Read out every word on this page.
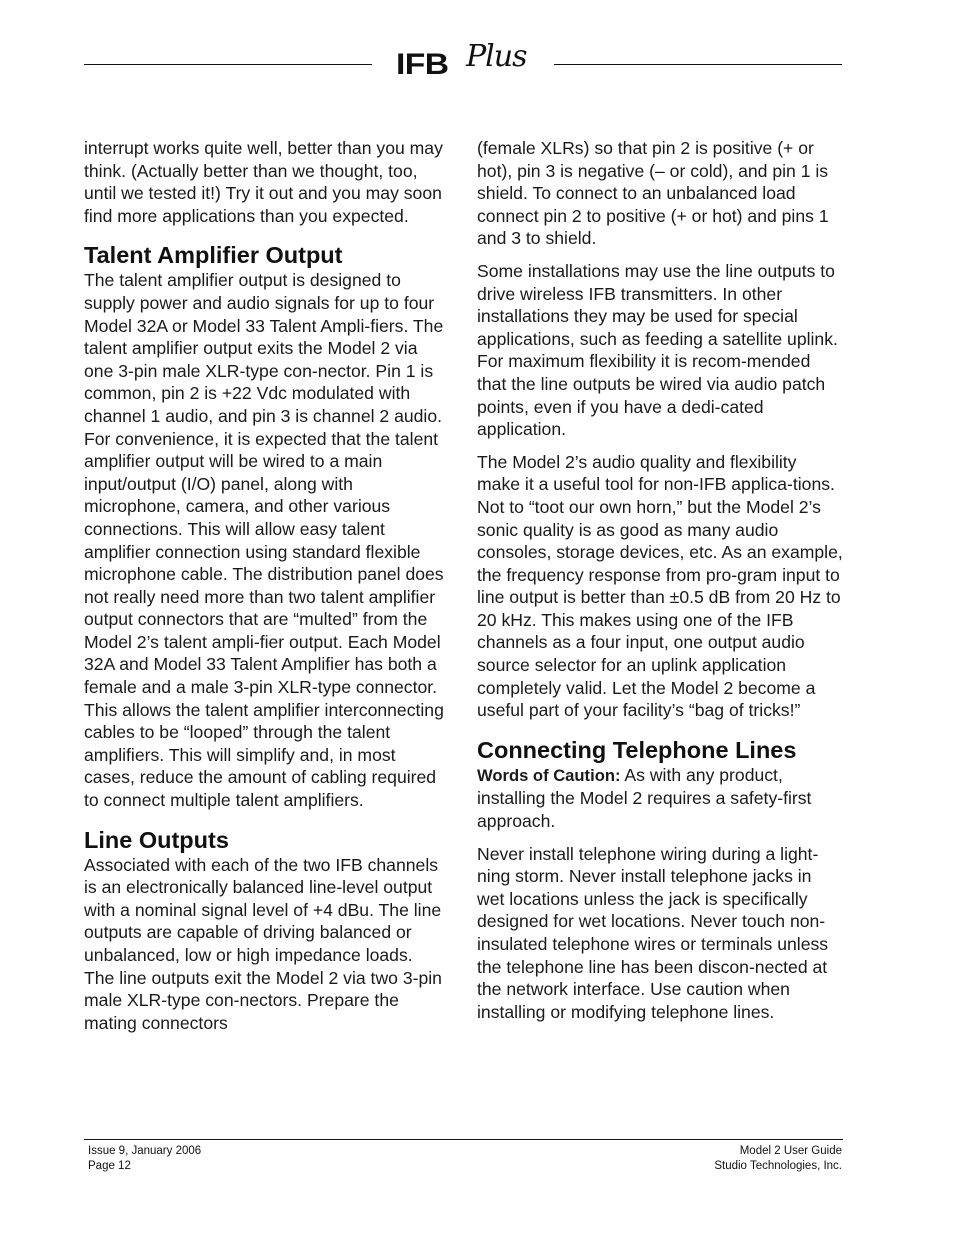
IFB Plus

interrupt works quite well, better than you may think. (Actually better than we thought, too, until we tested it!) Try it out and you may soon find more applications than you expected.

Talent Amplifier Output

The talent amplifier output is designed to supply power and audio signals for up to four Model 32A or Model 33 Talent Ampli-fiers. The talent amplifier output exits the Model 2 via one 3-pin male XLR-type con-nector. Pin 1 is common, pin 2 is +22 Vdc modulated with channel 1 audio, and pin 3 is channel 2 audio. For convenience, it is expected that the talent amplifier output will be wired to a main input/output (I/O) panel, along with microphone, camera, and other various connections. This will allow easy talent amplifier connection using standard flexible microphone cable. The distribution panel does not really need more than two talent amplifier output connectors that are “multed” from the Model 2’s talent ampli-fier output. Each Model 32A and Model 33 Talent Amplifier has both a female and a male 3-pin XLR-type connector. This allows the talent amplifier interconnecting cables to be “looped” through the talent amplifiers. This will simplify and, in most cases, reduce the amount of cabling required to connect multiple talent amplifiers.

Line Outputs

Associated with each of the two IFB channels is an electronically balanced line-level output with a nominal signal level of +4 dBu. The line outputs are capable of driving balanced or unbalanced, low or high impedance loads. The line outputs exit the Model 2 via two 3-pin male XLR-type con-nectors. Prepare the mating connectors

(female XLRs) so that pin 2 is positive (+ or hot), pin 3 is negative (– or cold), and pin 1 is shield. To connect to an unbalanced load connect pin 2 to positive (+ or hot) and pins 1 and 3 to shield.

Some installations may use the line outputs to drive wireless IFB transmitters. In other installations they may be used for special applications, such as feeding a satellite uplink. For maximum flexibility it is recom-mended that the line outputs be wired via audio patch points, even if you have a dedi-cated application.

The Model 2’s audio quality and flexibility make it a useful tool for non-IFB applica-tions. Not to “toot our own horn,” but the Model 2’s sonic quality is as good as many audio consoles, storage devices, etc. As an example, the frequency response from pro-gram input to line output is better than ±0.5 dB from 20 Hz to 20 kHz. This makes using one of the IFB channels as a four input, one output audio source selector for an uplink application completely valid. Let the Model 2 become a useful part of your facility’s “bag of tricks!”

Connecting Telephone Lines

Words of Caution: As with any product, installing the Model 2 requires a safety-first approach.

Never install telephone wiring during a light-ning storm. Never install telephone jacks in wet locations unless the jack is specifically designed for wet locations. Never touch non-insulated telephone wires or terminals unless the telephone line has been discon-nected at the network interface. Use caution when installing or modifying telephone lines.

Issue 9, January 2006
Page 12
Model 2 User Guide
Studio Technologies, Inc.
